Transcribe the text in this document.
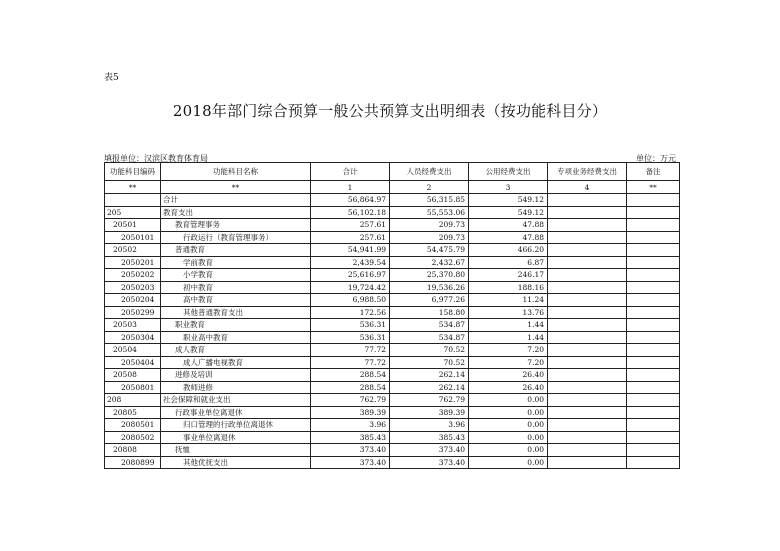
表5
2018年部门综合预算一般公共预算支出明细表（按功能科目分）
填报单位：汉滨区教育体育局	单位：万元
功能科目编码	功能科目名称	合计	人员经费支出	公用经费支出	专项业务经费支出	备注
**	**	1	2	3	4	**
	合计	56,864.97	56,315.85	549.12		
205	教育支出	56,102.18	55,553.06	549.12		
20501	教育管理事务	257.61	209.73	47.88		
2050101	行政运行（教育管理事务）	257.61	209.73	47.88		
20502	普通教育	54,941.99	54,475.79	466.20		
2050201	学前教育	2,439.54	2,432.67	6.87		
2050202	小学教育	25,616.97	25,370.80	246.17		
2050203	初中教育	19,724.42	19,536.26	188.16		
2050204	高中教育	6,988.50	6,977.26	11.24		
2050299	其他普通教育支出	172.56	158.80	13.76		
20503	职业教育	536.31	534.87	1.44		
2050304	职业高中教育	536.31	534.87	1.44		
20504	成人教育	77.72	70.52	7.20		
2050404	成人广播电视教育	77.72	70.52	7.20		
20508	进修及培训	288.54	262.14	26.40		
2050801	教师进修	288.54	262.14	26.40		
208	社会保障和就业支出	762.79	762.79	0.00		
20805	行政事业单位离退休	389.39	389.39	0.00		
2080501	归口管理的行政单位离退休	3.96	3.96	0.00		
2080502	事业单位离退休	385.43	385.43	0.00		
20808	抚恤	373.40	373.40	0.00		
2080899	其他优抚支出	373.40	373.40	0.00		
